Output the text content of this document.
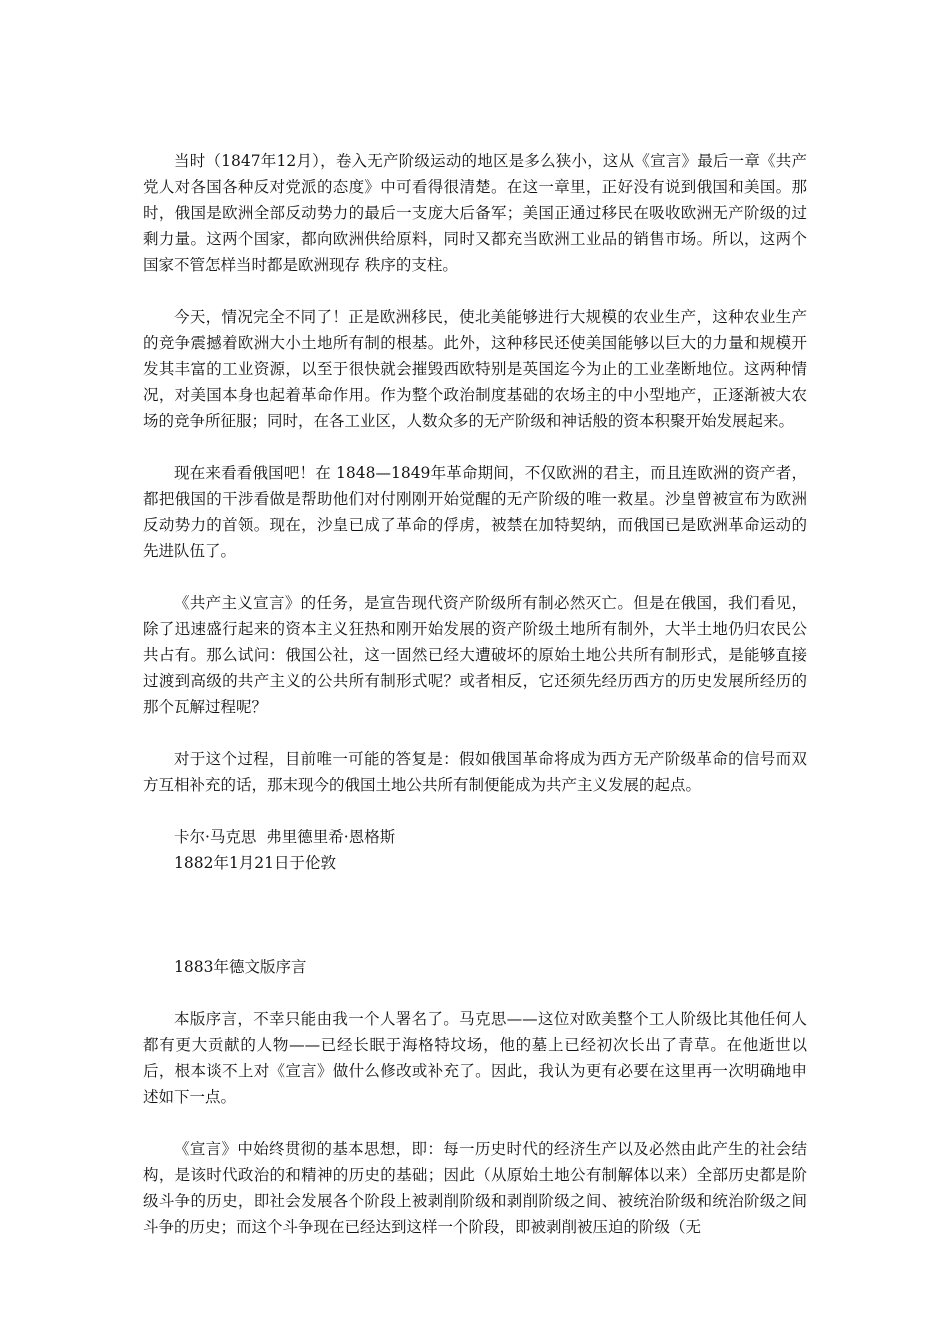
当时（1847年12月），卷入无产阶级运动的地区是多么狭小，这从《宣言》最后一章《共产党人对各国各种反对党派的态度》中可看得很清楚。在这一章里，正好没有说到俄国和美国。那时，俄国是欧洲全部反动势力的最后一支庞大后备军；美国正通过移民在吸收欧洲无产阶级的过剩力量。这两个国家，都向欧洲供给原料，同时又都充当欧洲工业品的销售市场。所以，这两个国家不管怎样当时都是欧洲现存 秩序的支柱。

今天，情况完全不同了！正是欧洲移民，使北美能够进行大规模的农业生产，这种农业生产的竞争震撼着欧洲大小土地所有制的根基。此外，这种移民还使美国能够以巨大的力量和规模开发其丰富的工业资源，以至于很快就会摧毁西欧特别是英国迄今为止的工业垄断地位。这两种情况，对美国本身也起着革命作用。作为整个政治制度基础的农场主的中小型地产，正逐渐被大农场的竞争所征服；同时，在各工业区，人数众多的无产阶级和神话般的资本积聚开始发展起来。

现在来看看俄国吧！在 1848—1849年革命期间，不仅欧洲的君主，而且连欧洲的资产者，都把俄国的干涉看做是帮助他们对付刚刚开始觉醒的无产阶级的唯一救星。沙皇曾被宣布为欧洲反动势力的首领。现在，沙皇已成了革命的俘虏，被禁在加特契纳，而俄国已是欧洲革命运动的先进队伍了。

《共产主义宣言》的任务，是宣告现代资产阶级所有制必然灭亡。但是在俄国，我们看见，除了迅速盛行起来的资本主义狂热和刚开始发展的资产阶级土地所有制外，大半土地仍归农民公共占有。那么试问：俄国公社，这一固然已经大遭破坏的原始土地公共所有制形式，是能够直接过渡到高级的共产主义的公共所有制形式呢？或者相反，它还须先经历西方的历史发展所经历的那个瓦解过程呢？

对于这个过程，目前唯一可能的答复是：假如俄国革命将成为西方无产阶级革命的信号而双方互相补充的话，那末现今的俄国土地公共所有制便能成为共产主义发展的起点。

卡尔·马克思  弗里德里希·恩格斯

1882年1月21日于伦敦

1883年德文版序言

本版序言，不幸只能由我一个人署名了。马克思——这位对欧美整个工人阶级比其他任何人都有更大贡献的人物——已经长眠于海格特坟场，他的墓上已经初次长出了青草。在他逝世以后，根本谈不上对《宣言》做什么修改或补充了。因此，我认为更有必要在这里再一次明确地申述如下一点。

《宣言》中始终贯彻的基本思想，即：每一历史时代的经济生产以及必然由此产生的社会结构，是该时代政治的和精神的历史的基础；因此（从原始土地公有制解体以来）全部历史都是阶级斗争的历史，即社会发展各个阶段上被剥削阶级和剥削阶级之间、被统治阶级和统治阶级之间斗争的历史；而这个斗争现在已经达到这样一个阶段，即被剥削被压迫的阶级（无
